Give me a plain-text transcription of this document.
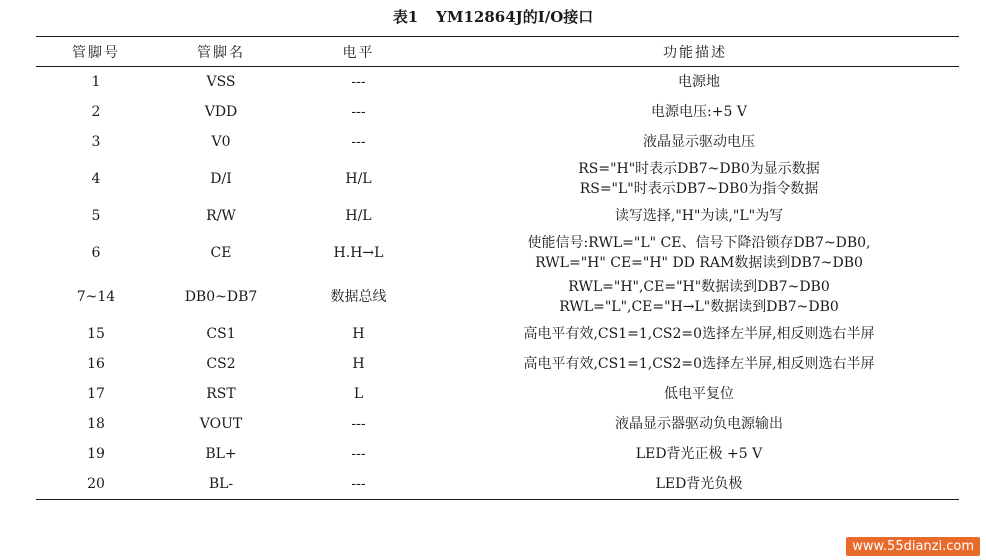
表1 YM12864J的I/O接口
管脚号	管脚名	电平	功能描述
1	VSS	---	电源地

2	VDD	---	电源电压:+5 V

3	V0	---	液晶显示驱动电压

4	D/I	H/L	RS="H"时表示DB7~DB0为显示数据
RS="L"时表示DB7~DB0为指令数据

5	R/W	H/L	读写选择,"H"为读,"L"为写

6	CE	H.H→L	使能信号:RWL="L" CE、信号下降沿锁存DB7~DB0,
RWL="H" CE="H" DD RAM数据读到DB7~DB0

7~14	DB0~DB7	数据总线	RWL="H",CE="H"数据读到DB7~DB0
RWL="L",CE="H→L"数据读到DB7~DB0

15	CS1	H	高电平有效,CS1=1,CS2=0选择左半屏,相反则选右半屏

16	CS2	H	高电平有效,CS1=1,CS2=0选择左半屏,相反则选右半屏

17	RST	L	低电平复位

18	VOUT	---	液晶显示器驱动负电源输出

19	BL+	---	LED背光正极 +5 V

20	BL-	---	LED背光负极
www.55dianzi.com
